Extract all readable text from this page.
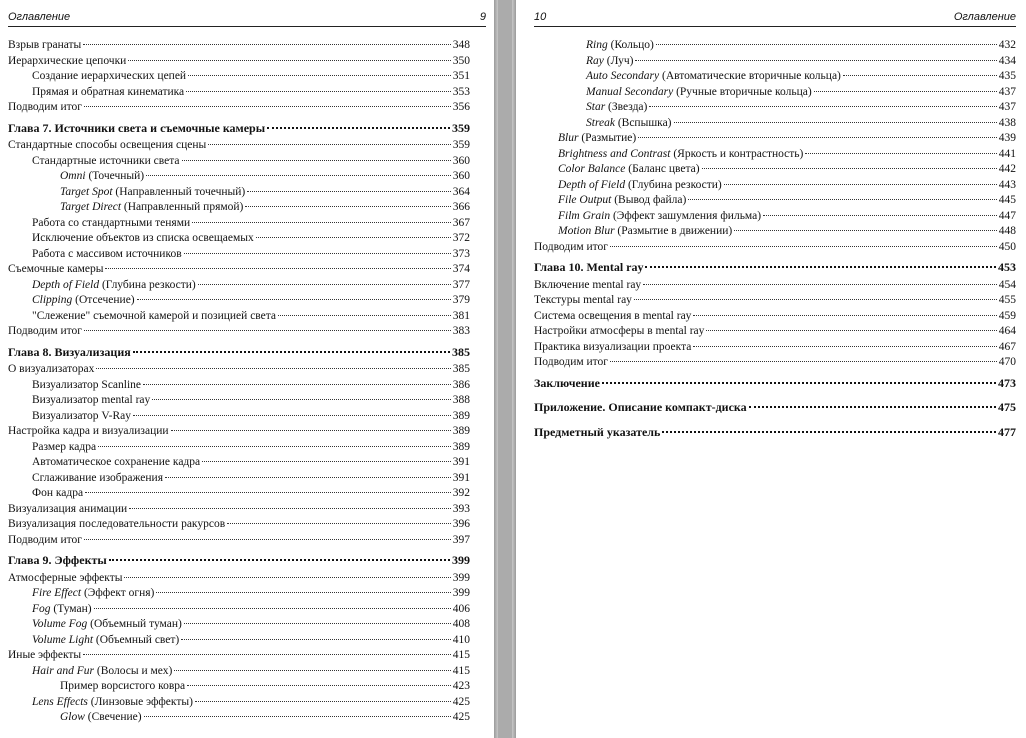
Оглавление	9
Взрыв гранаты	348
Иерархические цепочки	350
Создание иерархических цепей	351
Прямая и обратная кинематика	353
Подводим итог	356
Глава 7. Источники света и съемочные камеры	359
Стандартные способы освещения сцены	359
Стандартные источники света	360
Omni (Точечный)	360
Target Spot (Направленный точечный)	364
Target Direct (Направленный прямой)	366
Работа со стандартными тенями	367
Исключение объектов из списка освещаемых	372
Работа с массивом источников	373
Съемочные камеры	374
Depth of Field (Глубина резкости)	377
Clipping (Отсечение)	379
"Слежение" съемочной камерой и позицией света	381
Подводим итог	383
Глава 8. Визуализация	385
О визуализаторах	385
Визуализатор Scanline	386
Визуализатор mental ray	388
Визуализатор V-Ray	389
Настройка кадра и визуализации	389
Размер кадра	389
Автоматическое сохранение кадра	391
Сглаживание изображения	391
Фон кадра	392
Визуализация анимации	393
Визуализация последовательности ракурсов	396
Подводим итог	397
Глава 9. Эффекты	399
Атмосферные эффекты	399
Fire Effect (Эффект огня)	399
Fog (Туман)	406
Volume Fog (Объемный туман)	408
Volume Light (Объемный свет)	410
Иные эффекты	415
Hair and Fur (Волосы и мех)	415
Пример ворсистого ковра	423
Lens Effects (Линзовые эффекты)	425
Glow (Свечение)	425
10	Оглавление
Ring (Кольцо)	432
Ray (Луч)	434
Auto Secondary (Автоматические вторичные кольца)	435
Manual Secondary (Ручные вторичные кольца)	437
Star (Звезда)	437
Streak (Вспышка)	438
Blur (Размытие)	439
Brightness and Contrast (Яркость и контрастность)	441
Color Balance (Баланс цвета)	442
Depth of Field (Глубина резкости)	443
File Output (Вывод файла)	445
Film Grain (Эффект зашумления фильма)	447
Motion Blur (Размытие в движении)	448
Подводим итог	450
Глава 10. Mental ray	453
Включение mental ray	454
Текстуры mental ray	455
Система освещения в mental ray	459
Настройки атмосферы в mental ray	464
Практика визуализации проекта	467
Подводим итог	470
Заключение	473
Приложение. Описание компакт-диска	475
Предметный указатель	477
